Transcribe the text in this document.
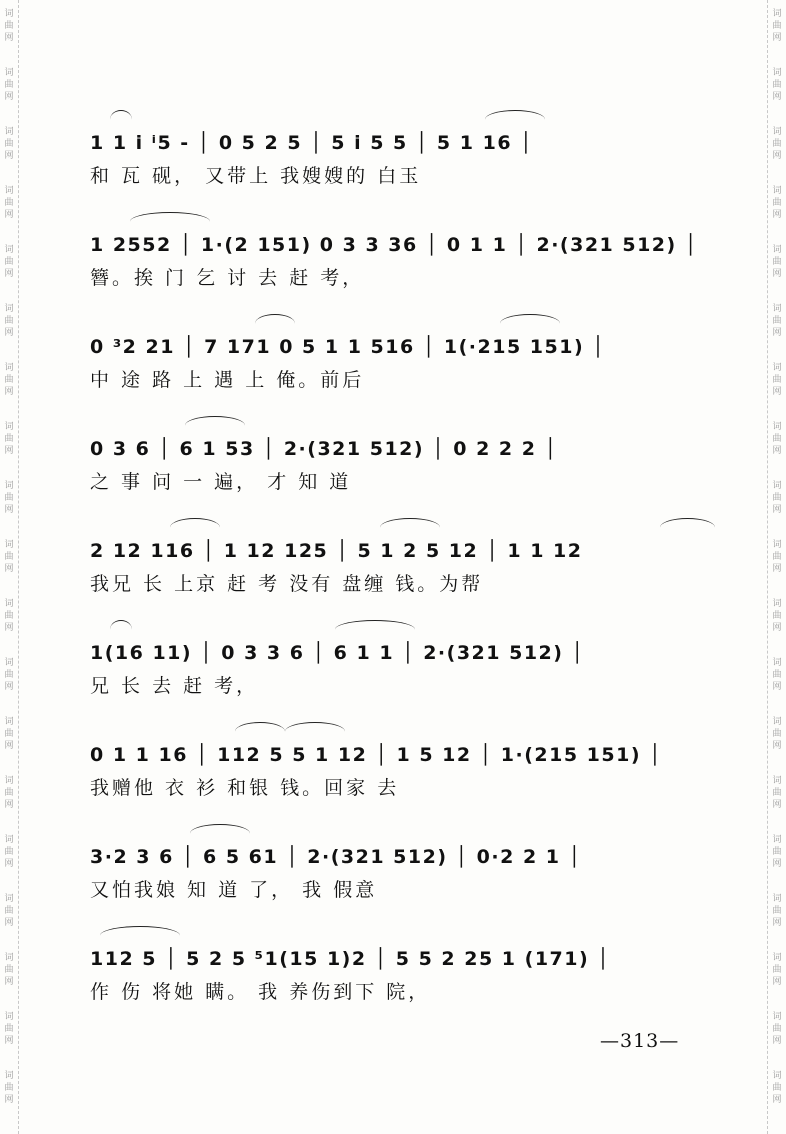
词
曲
网
词
曲
网
词
曲
网
词
曲
网
词
曲
网
词
曲
网
词
曲
网
词
曲
网
词
曲
网
词
曲
网
词
曲
网
词
曲
网
词
曲
网
词
曲
网
词
曲
网
词
曲
网
词
曲
网
词
曲
网
词
曲
网
词
曲
网
词
曲
网
词
曲
网
词
曲
网
词
曲
网
词
曲
网
词
曲
网
词
曲
网
词
曲
网
词
曲
网
词
曲
网
词
曲
网
词
曲
网
词
曲
网
词
曲
网
词
曲
网
词
曲
网
词
曲
网
词
曲
网
1 1 i ⁱ5 - │ 0 5 2 5 │ 5 i 5 5 │ 5 1 16 │
和 瓦 砚， 又带上 我嫂嫂的 白玉
1 2552 │ 1·(2 151) 0 3 3 36 │ 0 1 1 │ 2·(321 512) │
簪。挨 门 乞 讨 去 赶 考，
0 ³2 21 │ 7 171 0 5 1 1 516 │ 1(·215 151) │
中 途 路 上 遇 上 俺。前后
0 3 6 │ 6 1 53 │ 2·(321 512) │ 0 2 2 2 │
之 事 问 一 遍， 才 知 道
2 12 116 │ 1 12 125 │ 5 1 2 5 12 │ 1 1 12
我兄 长 上京 赶 考 没有 盘缠 钱。为帮
1(16 11) │ 0 3 3 6 │ 6 1 1 │ 2·(321 512) │
兄 长 去 赶 考，
0 1 1 16 │ 112 5 5 1 12 │ 1 5 12 │ 1·(215 151) │
我赠他 衣 衫 和银 钱。回家 去
3·2 3 6 │ 6 5 61 │ 2·(321 512) │ 0·2 2 1 │
又怕我娘 知 道 了， 我 假意
112 5 │ 5 2 5 ⁵1(15 1)2 │ 5 5 2 25 1 (171) │
作 伤 将她 瞒。 我 养伤到下 院，
—313—
